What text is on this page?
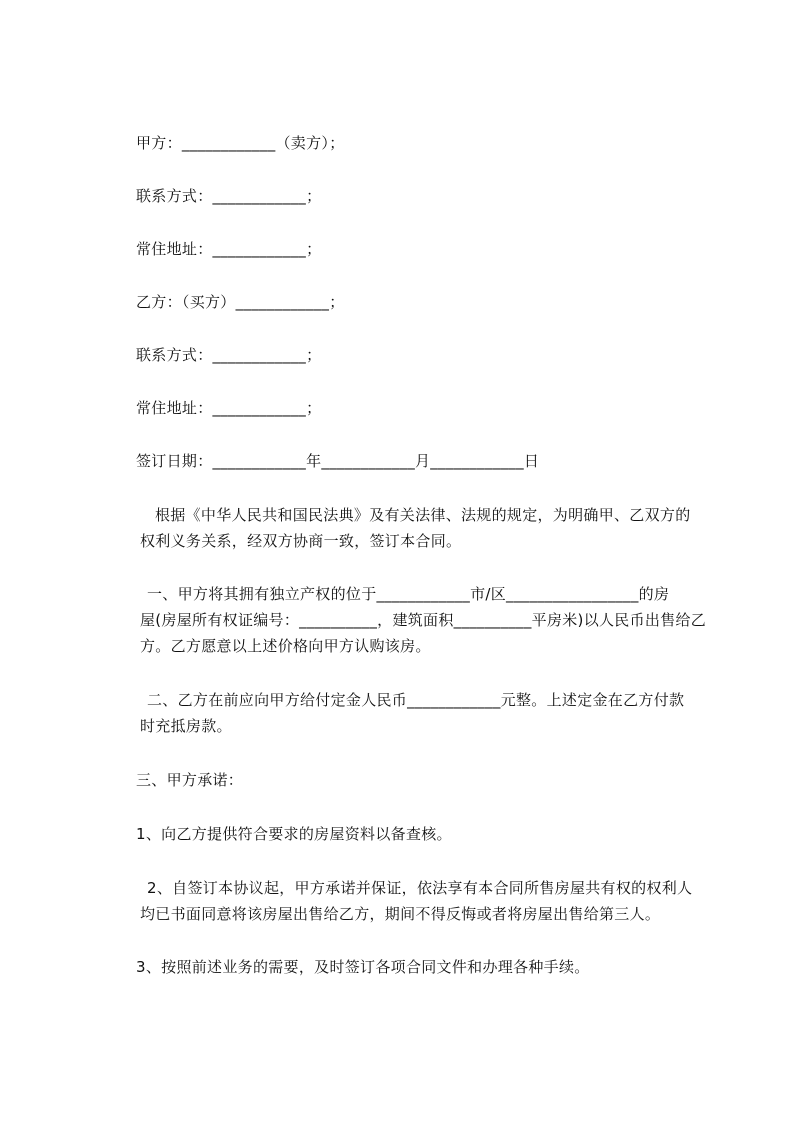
甲方：____________（卖方）；
联系方式：____________；
常住地址：____________；
乙方：（买方）____________；
联系方式：____________；
常住地址：____________；
签订日期：____________年____________月____________日
根据《中华人民共和国民法典》及有关法律、法规的规定，为明确甲、乙双方的
权利义务关系，经双方协商一致，签订本合同。
一、甲方将其拥有独立产权的位于____________市/区_________________的房
屋(房屋所有权证编号：__________，建筑面积__________平房米)以人民币出售给乙
方。乙方愿意以上述价格向甲方认购该房。
二、乙方在前应向甲方给付定金人民币____________元整。上述定金在乙方付款
时充抵房款。
三、甲方承诺：
1、向乙方提供符合要求的房屋资料以备查核。
2、自签订本协议起，甲方承诺并保证，依法享有本合同所售房屋共有权的权利人
均已书面同意将该房屋出售给乙方，期间不得反悔或者将房屋出售给第三人。
3、按照前述业务的需要，及时签订各项合同文件和办理各种手续。
